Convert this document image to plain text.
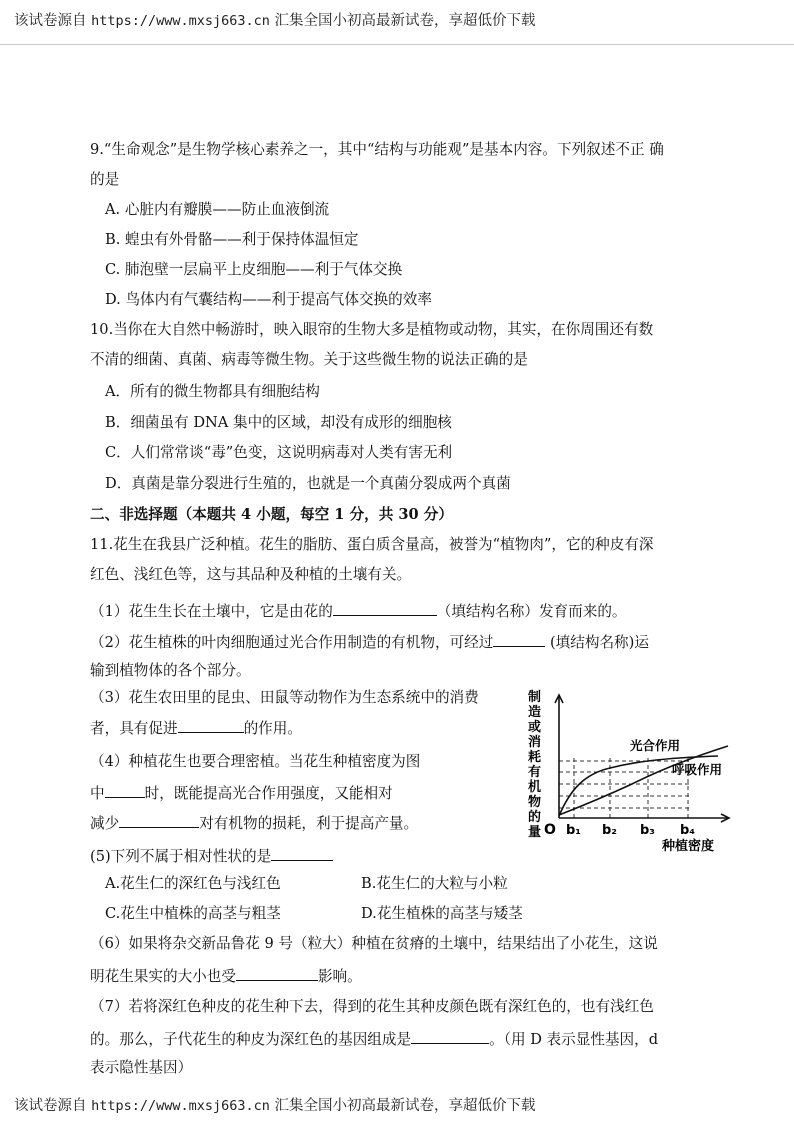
该试卷源自 https://www.mxsj663.cn 汇集全国小初高最新试卷，享超低价下载
9.“生命观念”是生物学核心素养之一，其中“结构与功能观”是基本内容。下列叙述不正 确
的是
A. 心脏内有瓣膜——防止血液倒流
B. 蝗虫有外骨骼——利于保持体温恒定
C. 肺泡壁一层扁平上皮细胞——利于气体交换
D. 鸟体内有气囊结构——利于提高气体交换的效率
10.当你在大自然中畅游时，映入眼帘的生物大多是植物或动物，其实，在你周围还有数
不清的细菌、真菌、病毒等微生物。关于这些微生物的说法正确的是
A．所有的微生物都具有细胞结构
B．细菌虽有 DNA 集中的区域，却没有成形的细胞核
C．人们常常谈“毒”色变，这说明病毒对人类有害无利
D．真菌是靠分裂进行生殖的，也就是一个真菌分裂成两个真菌
二、非选择题（本题共 4 小题，每空 1 分，共 30 分）
11.花生在我县广泛种植。花生的脂肪、蛋白质含量高，被誉为“植物肉”，它的种皮有深
红色、浅红色等，这与其品种及种植的土壤有关。
（1）花生生长在土壤中，它是由花的	（填结构名称）发育而来的。
（2）花生植株的叶肉细胞通过光合作用制造的有机物，可经过	(填结构名称)运
输到植物体的各个部分。
（3）花生农田里的昆虫、田鼠等动物作为生态系统中的消费
者，具有促进	的作用。
（4）种植花生也要合理密植。当花生种植密度为图
中	时，既能提高光合作用强度，又能相对
减少	对有机物的损耗，利于提高产量。
(5)下列不属于相对性状的是
A.花生仁的深红色与浅红色	B.花生仁的大粒与小粒
C.花生中植株的高茎与粗茎	D.花生植株的高茎与矮茎
（6）如果将杂交新品鲁花 9 号（粒大）种植在贫瘠的土壤中，结果结出了小花生，这说
明花生果实的大小也受	影响。
（7）若将深红色种皮的花生种下去，得到的花生其种皮颜色既有深红色的，也有浅红色
的。那么，子代花生的种皮为深红色的基因组成是	。（用 D 表示显性基因，d
表示隐性基因）
制
造
或
消
耗
有
机
物
的
量
光合作用
呼吸作用
O b₁ b₂ b₃ b₄
种植密度
该试卷源自 https://www.mxsj663.cn 汇集全国小初高最新试卷，享超低价下载
